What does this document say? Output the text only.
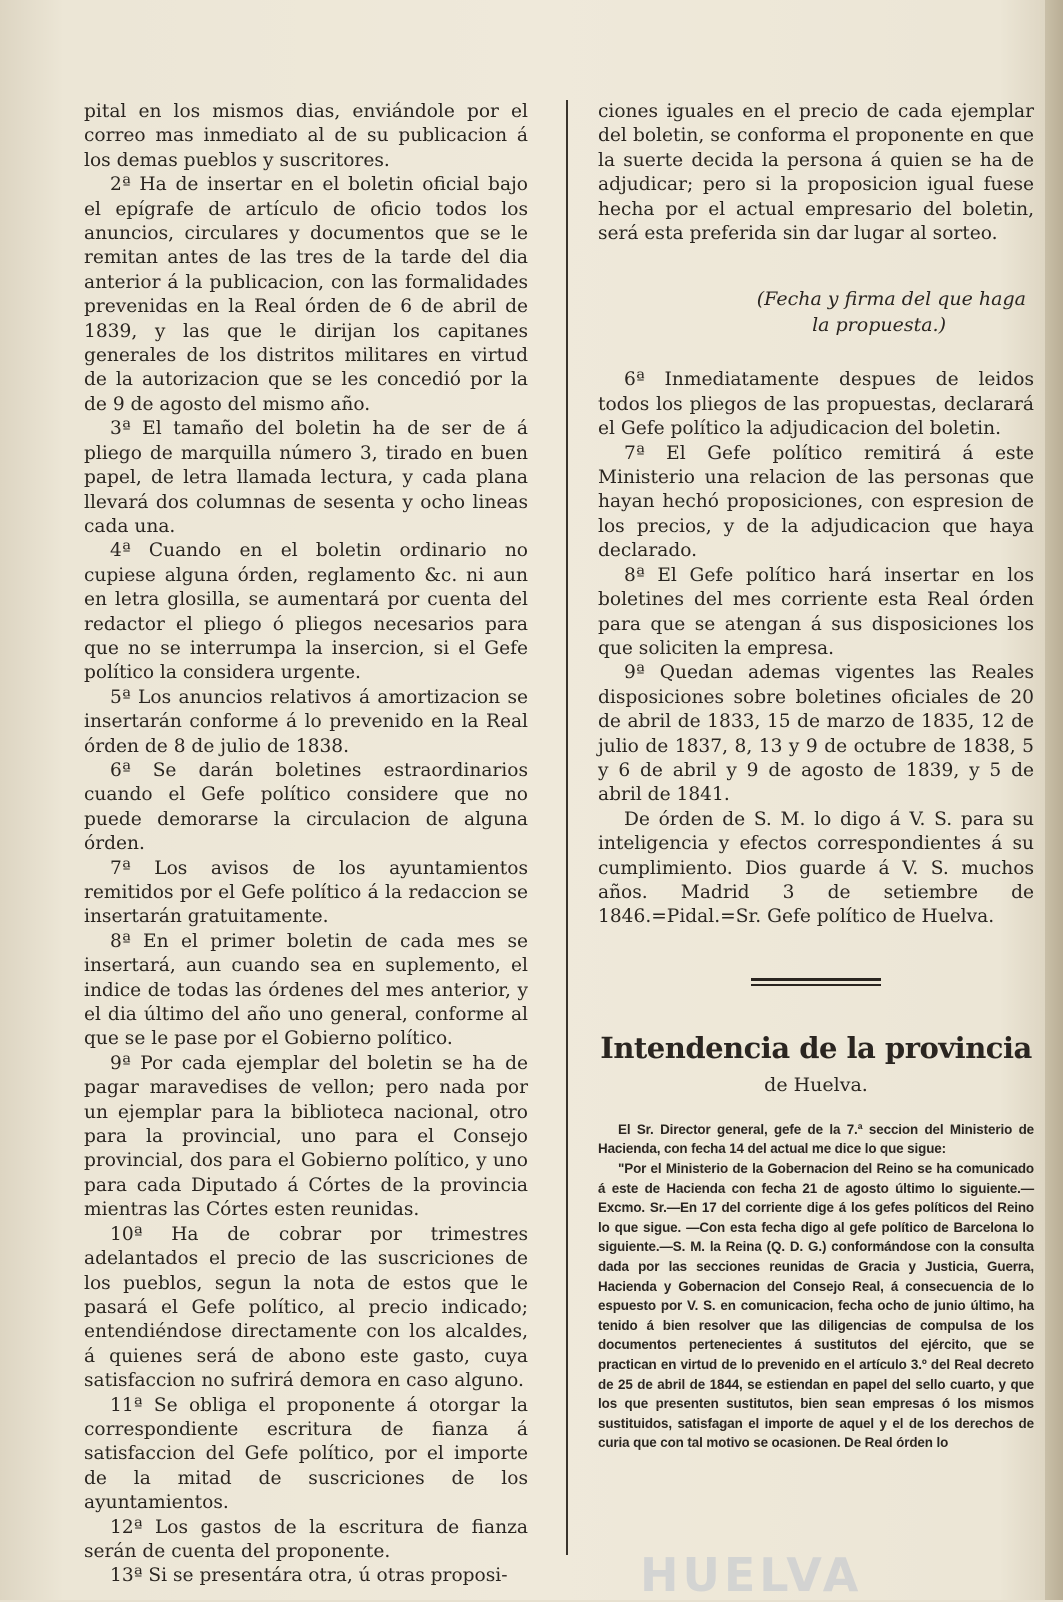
pital en los mismos dias, enviándole por el correo mas inmediato al de su publicacion á los demas pueblos y suscritores.

2ª Ha de insertar en el boletin oficial bajo el epígrafe de artículo de oficio todos los anuncios, circulares y documentos que se le remitan antes de las tres de la tarde del dia anterior á la publicacion, con las formalidades prevenidas en la Real órden de 6 de abril de 1839, y las que le dirijan los capitanes generales de los distritos militares en virtud de la autorizacion que se les concedió por la de 9 de agosto del mismo año.

3ª El tamaño del boletin ha de ser de á pliego de marquilla número 3, tirado en buen papel, de letra llamada lectura, y cada plana llevará dos columnas de sesenta y ocho lineas cada una.

4ª Cuando en el boletin ordinario no cupiese alguna órden, reglamento &c. ni aun en letra glosilla, se aumentará por cuenta del redactor el pliego ó pliegos necesarios para que no se interrumpa la insercion, si el Gefe político la considera urgente.

5ª Los anuncios relativos á amortizacion se insertarán conforme á lo prevenido en la Real órden de 8 de julio de 1838.

6ª Se darán boletines estraordinarios cuando el Gefe político considere que no puede demorarse la circulacion de alguna órden.

7ª Los avisos de los ayuntamientos remitidos por el Gefe político á la redaccion se insertarán gratuitamente.

8ª En el primer boletin de cada mes se insertará, aun cuando sea en suplemento, el indice de todas las órdenes del mes anterior, y el dia último del año uno general, conforme al que se le pase por el Gobierno político.

9ª Por cada ejemplar del boletin se ha de pagar maravedises de vellon; pero nada por un ejemplar para la biblioteca nacional, otro para la provincial, uno para el Consejo provincial, dos para el Gobierno político, y uno para cada Diputado á Córtes de la provincia mientras las Córtes esten reunidas.

10ª Ha de cobrar por trimestres adelantados el precio de las suscriciones de los pueblos, segun la nota de estos que le pasará el Gefe político, al precio indicado; entendiéndose directamente con los alcaldes, á quienes será de abono este gasto, cuya satisfaccion no sufrirá demora en caso alguno.

11ª Se obliga el proponente á otorgar la correspondiente escritura de fianza á satisfaccion del Gefe político, por el importe de la mitad de suscriciones de los ayuntamientos.

12ª Los gastos de la escritura de fianza serán de cuenta del proponente.

13ª Si se presentára otra, ú otras proposi-

ciones iguales en el precio de cada ejemplar del boletin, se conforma el proponente en que la suerte decida la persona á quien se ha de adjudicar; pero si la proposicion igual fuese hecha por el actual empresario del boletin, será esta preferida sin dar lugar al sorteo.

(Fecha y firma del que haga
la propuesta.)

6ª Inmediatamente despues de leidos todos los pliegos de las propuestas, declarará el Gefe político la adjudicacion del boletin.

7ª El Gefe político remitirá á este Ministerio una relacion de las personas que hayan hechó proposiciones, con espresion de los precios, y de la adjudicacion que haya declarado.

8ª El Gefe político hará insertar en los boletines del mes corriente esta Real órden para que se atengan á sus disposiciones los que soliciten la empresa.

9ª Quedan ademas vigentes las Reales disposiciones sobre boletines oficiales de 20 de abril de 1833, 15 de marzo de 1835, 12 de julio de 1837, 8, 13 y 9 de octubre de 1838, 5 y 6 de abril y 9 de agosto de 1839, y 5 de abril de 1841.

De órden de S. M. lo digo á V. S. para su inteligencia y efectos correspondientes á su cumplimiento. Dios guarde á V. S. muchos años. Madrid 3 de setiembre de 1846.=Pidal.=Sr. Gefe político de Huelva.

Intendencia de la provincia
de Huelva.

El Sr. Director general, gefe de la 7.ª seccion del Ministerio de Hacienda, con fecha 14 del actual me dice lo que sigue:

"Por el Ministerio de la Gobernacion del Reino se ha comunicado á este de Hacienda con fecha 21 de agosto último lo siguiente.—Excmo. Sr.—En 17 del corriente dige á los gefes políticos del Reino lo que sigue. —Con esta fecha digo al gefe político de Barcelona lo siguiente.—S. M. la Reina (Q. D. G.) conformándose con la consulta dada por las secciones reunidas de Gracia y Justicia, Guerra, Hacienda y Gobernacion del Consejo Real, á consecuencia de lo espuesto por V. S. en comunicacion, fecha ocho de junio último, ha tenido á bien resolver que las diligencias de compulsa de los documentos pertenecientes á sustitutos del ejército, que se practican en virtud de lo prevenido en el artículo 3.º del Real decreto de 25 de abril de 1844, se estiendan en papel del sello cuarto, y que los que presenten sustitutos, bien sean empresas ó los mismos sustituidos, satisfagan el importe de aquel y el de los derechos de curia que con tal motivo se ocasionen. De Real órden lo

HUELVA
